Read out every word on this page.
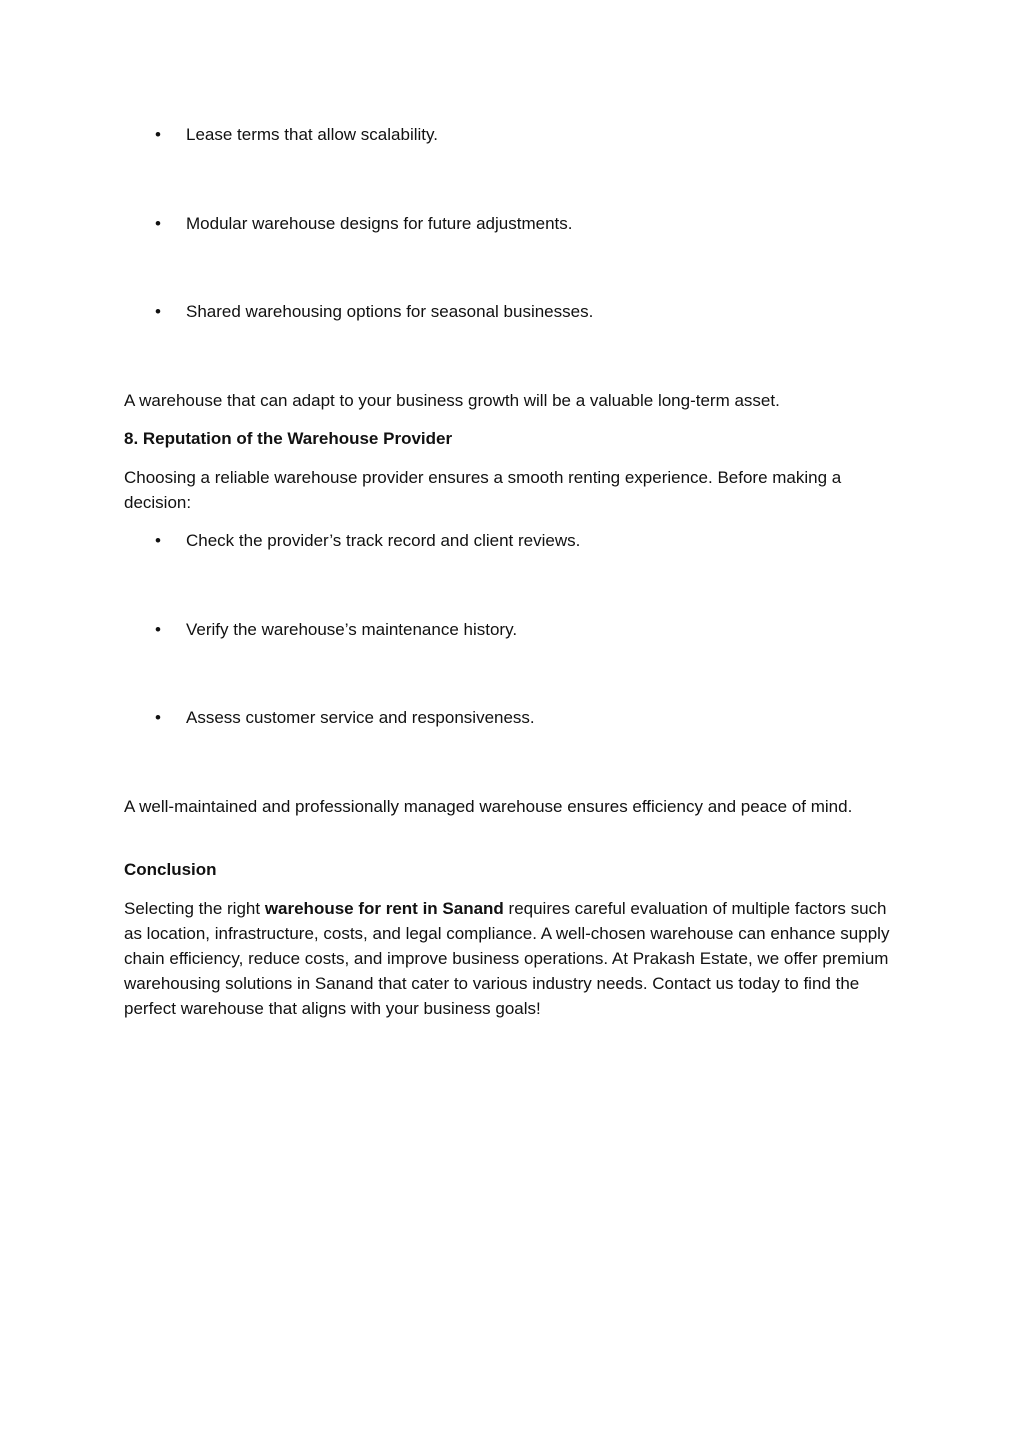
•	Lease terms that allow scalability.
•	Modular warehouse designs for future adjustments.
•	Shared warehousing options for seasonal businesses.

A warehouse that can adapt to your business growth will be a valuable long-term asset.

8. Reputation of the Warehouse Provider

Choosing a reliable warehouse provider ensures a smooth renting experience. Before making a decision:

•	Check the provider’s track record and client reviews.
•	Verify the warehouse’s maintenance history.
•	Assess customer service and responsiveness.

A well-maintained and professionally managed warehouse ensures efficiency and peace of mind.

Conclusion

Selecting the right warehouse for rent in Sanand requires careful evaluation of multiple factors such as location, infrastructure, costs, and legal compliance. A well-chosen warehouse can enhance supply chain efficiency, reduce costs, and improve business operations. At Prakash Estate, we offer premium warehousing solutions in Sanand that cater to various industry needs. Contact us today to find the perfect warehouse that aligns with your business goals!
